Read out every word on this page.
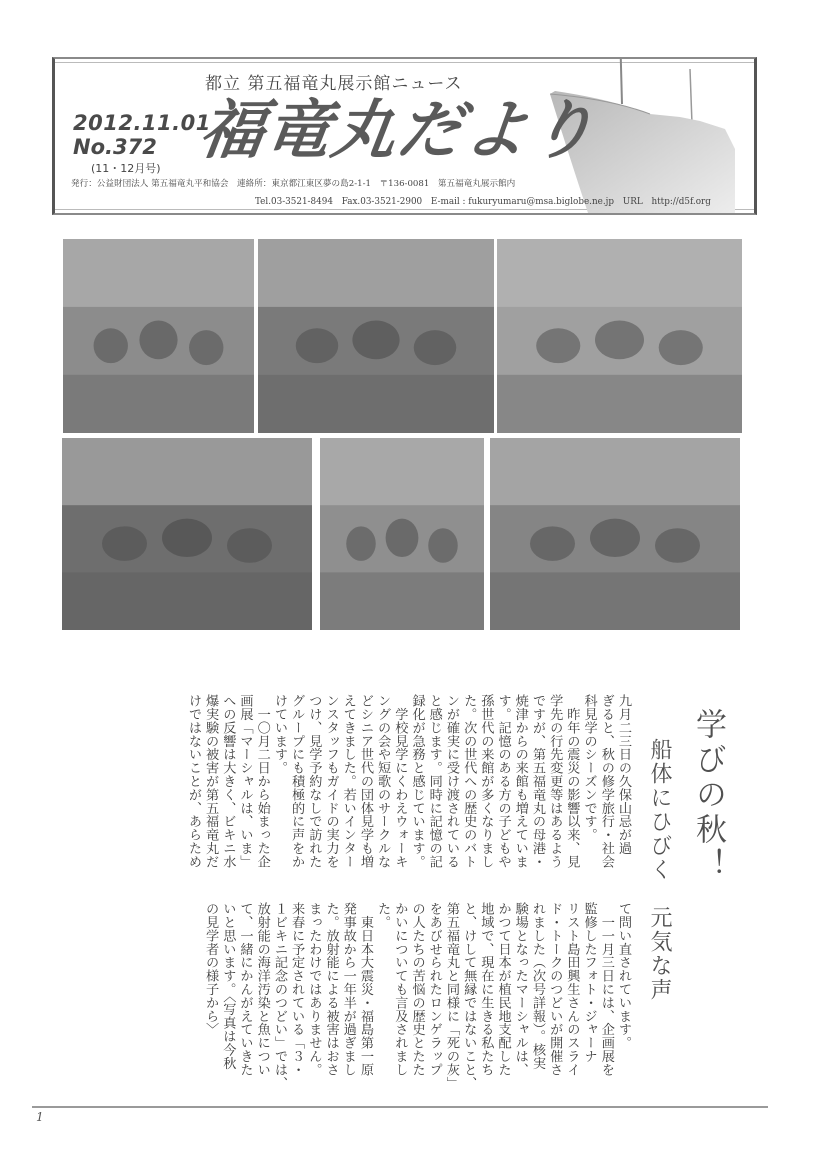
都立 第五福竜丸展示館ニュース
2012.11.01
No.372
(11・12月号)
福竜丸だより
発行：公益財団法人 第五福竜丸平和協会　連絡所：東京都江東区夢の島2-1-1　〒136-0081　第五福竜丸展示館内
Tel.03-3521-8494　Fax.03-3521-2900　E-mail : fukuryumaru@msa.biglobe.ne.jp　URL　http://d5f.org
学びの秋！
船体にひびく　元気な声
九月二三日の久保山忌が過
ぎると、秋の修学旅行・社会
科見学のシーズンです。
　昨年の震災の影響以来、見
学先の行先変更等はあるよう
ですが、第五福竜丸の母港・
焼津からの来館も増えていま
す。記憶のある方の子どもや
孫世代の来館が多くなりまし
た。次の世代への歴史のバト
ンが確実に受け渡されている
と感じます。同時に記憶の記
録化が急務と感じています。
　学校見学にくわえウォーキ
ングの会や短歌のサークルな
どシニア世代の団体見学も増
えてきました。若いインター
ンスタッフもガイドの実力を
つけ、見学予約なしで訪れた
グループにも積極的に声をか
けています。
　一〇月二日から始まった企
画展「マーシャルは、いま」
への反響は大きく、ビキニ水
爆実験の被害が第五福竜丸だ
けではないことが、あらため
て問い直されています。
　一一月三日には、企画展を
監修したフォト・ジャーナ
リスト島田興生さんのスライ
ド・トークのつどいが開催さ
れました（次号詳報）。核実
験場となったマーシャルは、
かつて日本が植民地支配した
地域で、現在に生きる私たち
と、けして無縁ではないこと、
第五福竜丸と同様に「死の灰」
をあびせられたロンゲラップ
の人たちの苦悩の歴史とたた
かいについても言及されまし
た。
　東日本大震災・福島第一原
発事故から一年半が過ぎまし
た。放射能による被害はおさ
まったわけではありません。
来春に予定されている「３・
１ビキニ記念のつどい」では、
放射能の海洋汚染と魚につい
て、一緒にかんがえていきた
いと思います。〈写真は今秋
の見学者の様子から〉
1
